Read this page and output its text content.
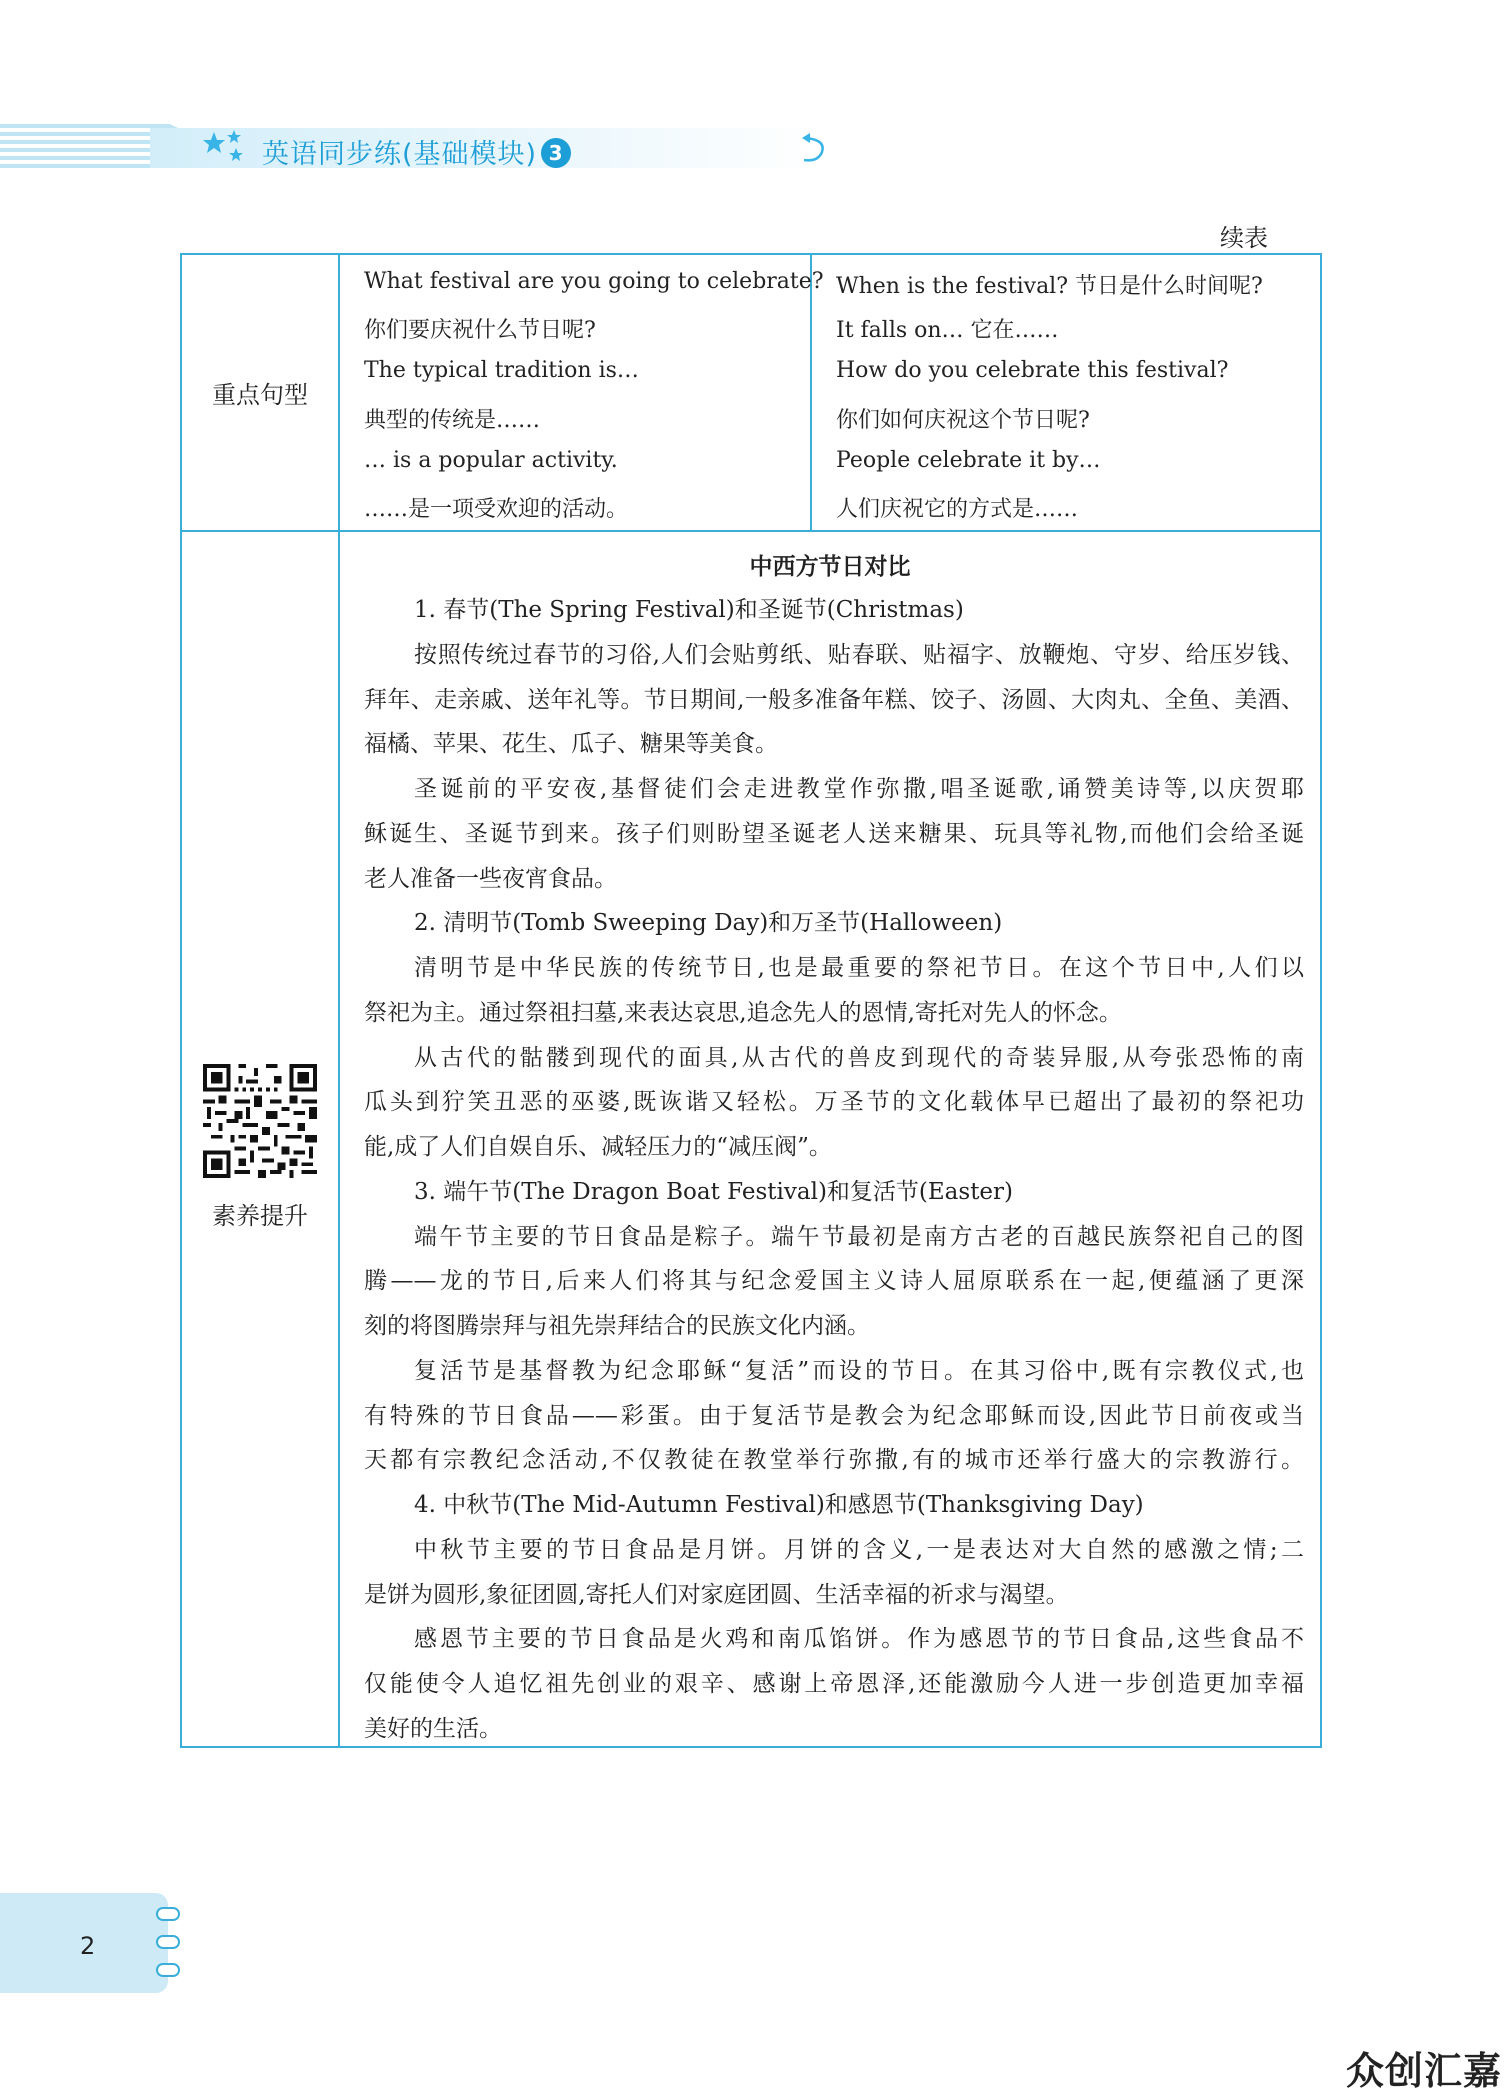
英语同步练(基础模块) 3
续表
重点句型
What festival are you going to celebrate?
你们要庆祝什么节日呢?
The typical tradition is…
典型的传统是……
… is a popular activity.
……是一项受欢迎的活动。
When is the festival? 节日是什么时间呢?
It falls on… 它在……
How do you celebrate this festival?
你们如何庆祝这个节日呢?
People celebrate it by…
人们庆祝它的方式是……
素养提升
中西方节日对比
1. 春节(The Spring Festival)和圣诞节(Christmas)
按照传统过春节的习俗,人们会贴剪纸、贴春联、贴福字、放鞭炮、守岁、给压岁钱、
拜年、走亲戚、送年礼等。节日期间,一般多准备年糕、饺子、汤圆、大肉丸、全鱼、美酒、
福橘、苹果、花生、瓜子、糖果等美食。
圣诞前的平安夜,基督徒们会走进教堂作弥撒,唱圣诞歌,诵赞美诗等,以庆贺耶
稣诞生、圣诞节到来。孩子们则盼望圣诞老人送来糖果、玩具等礼物,而他们会给圣诞
老人准备一些夜宵食品。
2. 清明节(Tomb Sweeping Day)和万圣节(Halloween)
清明节是中华民族的传统节日,也是最重要的祭祀节日。在这个节日中,人们以
祭祀为主。通过祭祖扫墓,来表达哀思,追念先人的恩情,寄托对先人的怀念。
从古代的骷髅到现代的面具,从古代的兽皮到现代的奇装异服,从夸张恐怖的南
瓜头到狞笑丑恶的巫婆,既诙谐又轻松。万圣节的文化载体早已超出了最初的祭祀功
能,成了人们自娱自乐、减轻压力的“减压阀”。
3. 端午节(The Dragon Boat Festival)和复活节(Easter)
端午节主要的节日食品是粽子。端午节最初是南方古老的百越民族祭祀自己的图
腾——龙的节日,后来人们将其与纪念爱国主义诗人屈原联系在一起,便蕴涵了更深
刻的将图腾崇拜与祖先崇拜结合的民族文化内涵。
复活节是基督教为纪念耶稣“复活”而设的节日。在其习俗中,既有宗教仪式,也
有特殊的节日食品——彩蛋。由于复活节是教会为纪念耶稣而设,因此节日前夜或当
天都有宗教纪念活动,不仅教徒在教堂举行弥撒,有的城市还举行盛大的宗教游行。
4. 中秋节(The Mid-Autumn Festival)和感恩节(Thanksgiving Day)
中秋节主要的节日食品是月饼。月饼的含义,一是表达对大自然的感激之情;二
是饼为圆形,象征团圆,寄托人们对家庭团圆、生活幸福的祈求与渴望。
感恩节主要的节日食品是火鸡和南瓜馅饼。作为感恩节的节日食品,这些食品不
仅能使令人追忆祖先创业的艰辛、感谢上帝恩泽,还能激励今人进一步创造更加幸福
美好的生活。
2
众创汇嘉
